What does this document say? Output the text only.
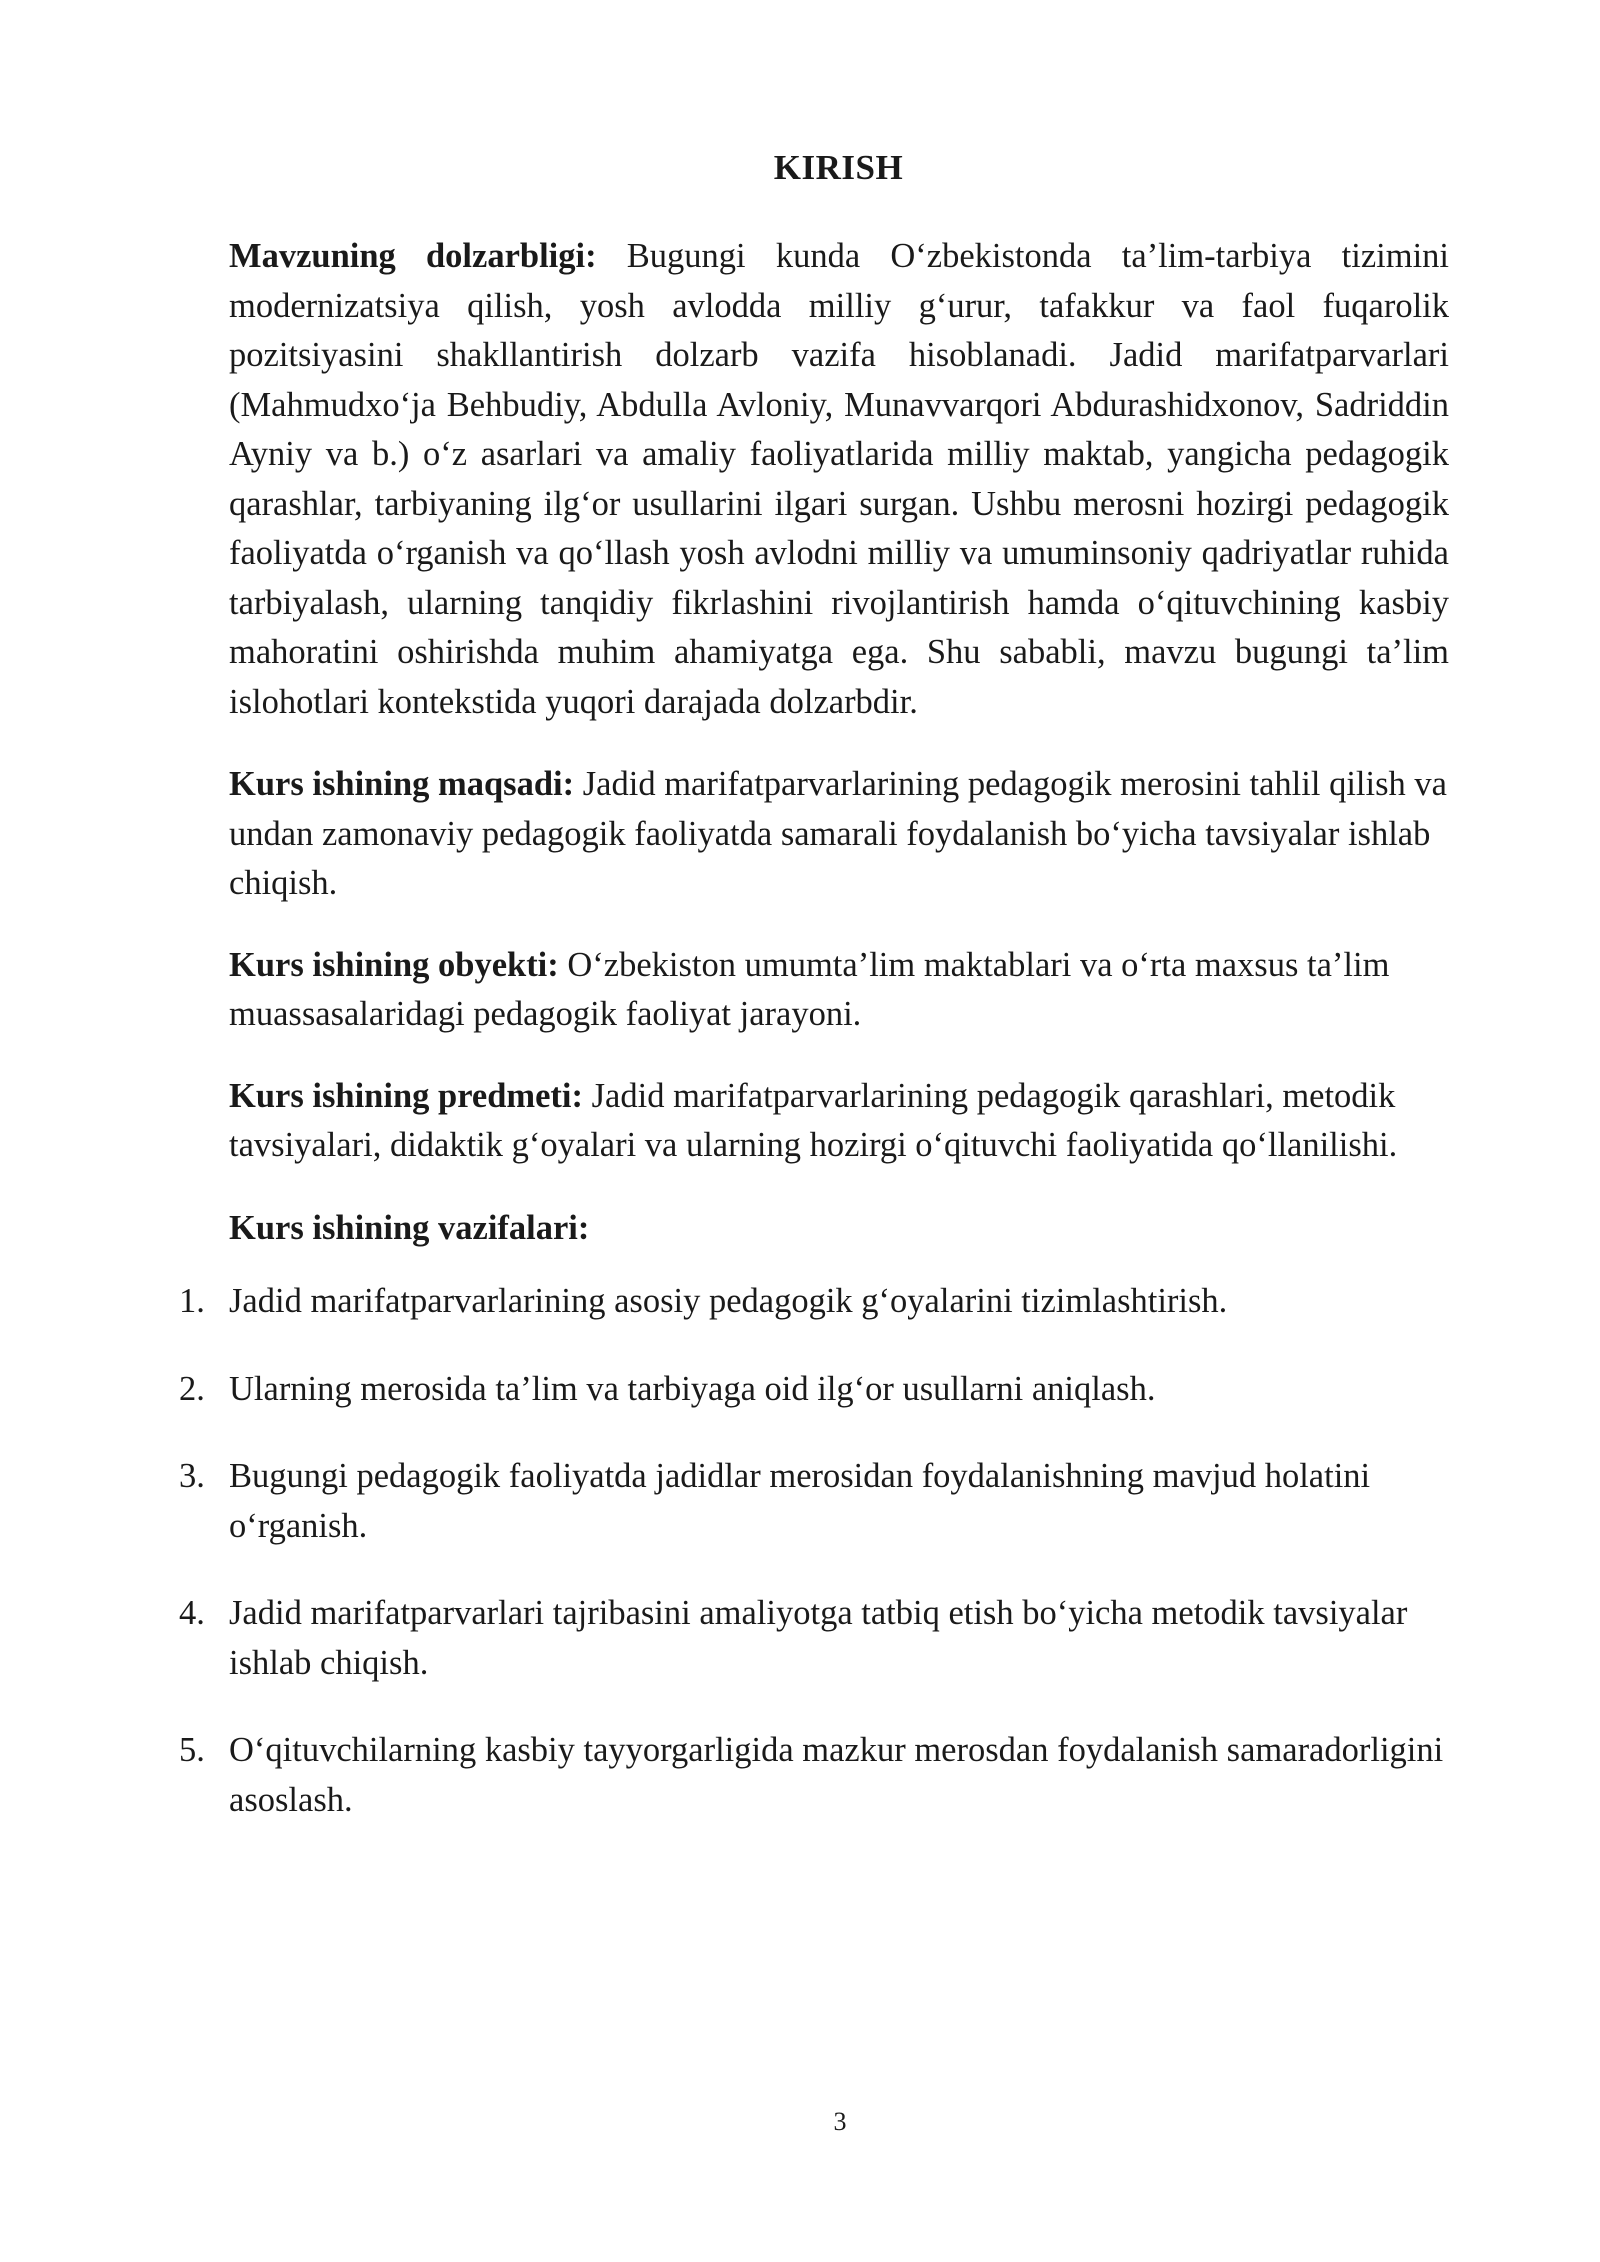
KIRISH

Mavzuning dolzarbligi: Bugungi kunda O‘zbekistonda ta’lim-tarbiya tizimini modernizatsiya qilish, yosh avlodda milliy g‘urur, tafakkur va faol fuqarolik pozitsiyasini shakllantirish dolzarb vazifa hisoblanadi. Jadid marifatparvarlari (Mahmudxo‘ja Behbudiy, Abdulla Avloniy, Munavvarqori Abdurashidxonov, Sadriddin Ayniy va b.) o‘z asarlari va amaliy faoliyatlarida milliy maktab, yangicha pedagogik qarashlar, tarbiyaning ilg‘or usullarini ilgari surgan. Ushbu merosni hozirgi pedagogik faoliyatda o‘rganish va qo‘llash yosh avlodni milliy va umuminsoniy qadriyatlar ruhida tarbiyalash, ularning tanqidiy fikrlashini rivojlantirish hamda o‘qituvchining kasbiy mahoratini oshirishda muhim ahamiyatga ega. Shu sababli, mavzu bugungi ta’lim islohotlari kontekstida yuqori darajada dolzarbdir.

Kurs ishining maqsadi: Jadid marifatparvarlarining pedagogik merosini tahlil qilish va undan zamonaviy pedagogik faoliyatda samarali foydalanish bo‘yicha tavsiyalar ishlab chiqish.

Kurs ishining obyekti: O‘zbekiston umumta’lim maktablari va o‘rta maxsus ta’lim muassasalaridagi pedagogik faoliyat jarayoni.

Kurs ishining predmeti: Jadid marifatparvarlarining pedagogik qarashlari, metodik tavsiyalari, didaktik g‘oyalari va ularning hozirgi o‘qituvchi faoliyatida qo‘llanilishi.

Kurs ishining vazifalari:

1. Jadid marifatparvarlarining asosiy pedagogik g‘oyalarini tizimlashtirish.
2. Ularning merosida ta’lim va tarbiyaga oid ilg‘or usullarni aniqlash.
3. Bugungi pedagogik faoliyatda jadidlar merosidan foydalanishning mavjud holatini o‘rganish.
4. Jadid marifatparvarlari tajribasini amaliyotga tatbiq etish bo‘yicha metodik tavsiyalar ishlab chiqish.
5. O‘qituvchilarning kasbiy tayyorgarligida mazkur merosdan foydalanish samaradorligini asoslash.
3
